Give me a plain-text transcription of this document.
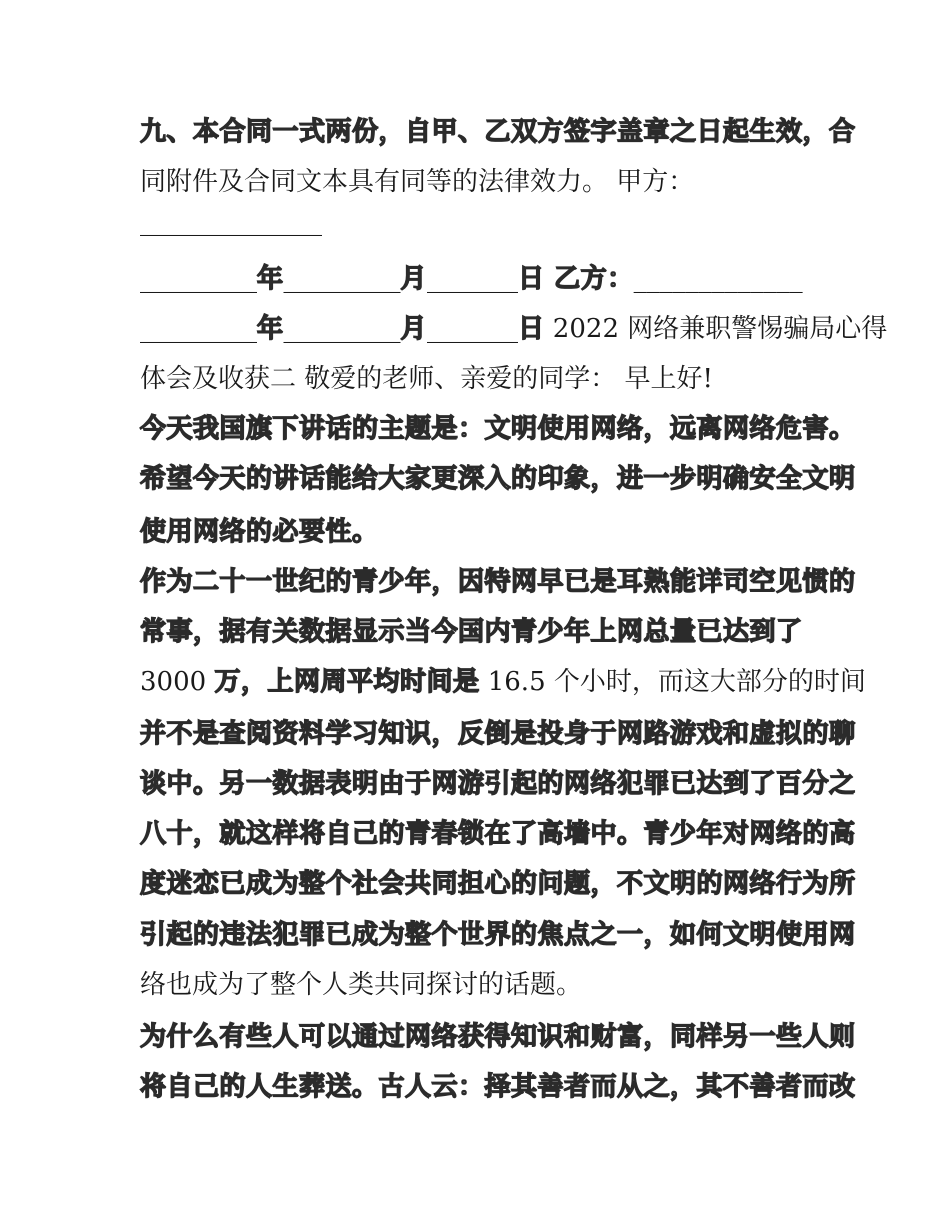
九、本合同一式两份，自甲、乙双方签字盖章之日起生效，合
同附件及合同文本具有同等的法律效力。 甲方：
______________
_________年_________月_______日 乙方：_____________
_________年_________月_______日 2022 网络兼职警惕骗局心得
体会及收获二 敬爱的老师、亲爱的同学： 早上好!
今天我国旗下讲话的主题是：文明使用网络，远离网络危害。
希望今天的讲话能给大家更深入的印象，进一步明确安全文明
使用网络的必要性。
作为二十一世纪的青少年，因特网早已是耳熟能详司空见惯的
常事，据有关数据显示当今国内青少年上网总量已达到了
3000 万，上网周平均时间是 16.5 个小时，而这大部分的时间
并不是查阅资料学习知识，反倒是投身于网路游戏和虚拟的聊
谈中。另一数据表明由于网游引起的网络犯罪已达到了百分之
八十，就这样将自己的青春锁在了高墙中。青少年对网络的高
度迷恋已成为整个社会共同担心的问题，不文明的网络行为所
引起的违法犯罪已成为整个世界的焦点之一，如何文明使用网
络也成为了整个人类共同探讨的话题。
为什么有些人可以通过网络获得知识和财富，同样另一些人则
将自己的人生葬送。古人云：择其善者而从之，其不善者而改
